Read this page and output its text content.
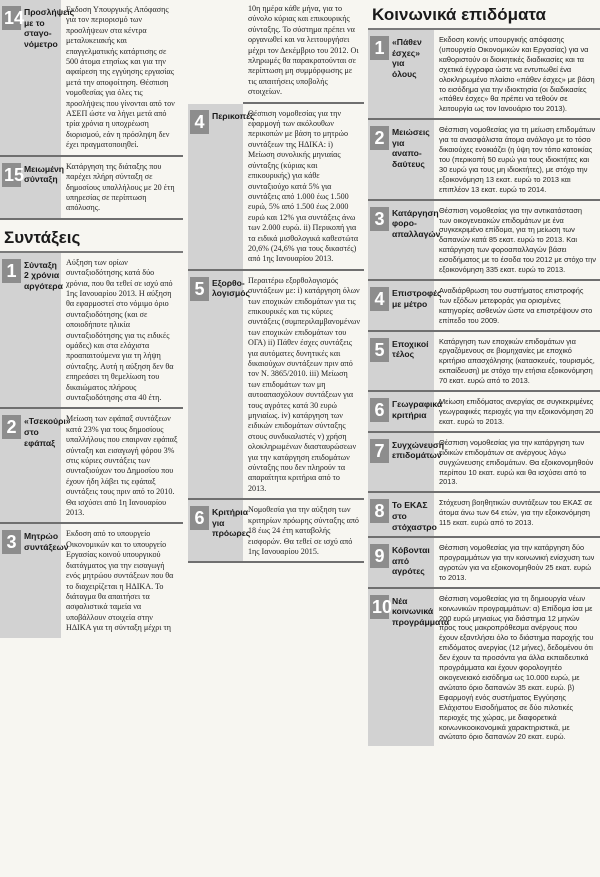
14 Προσλήψεις με το σταγο-νόμετρο
Εκδοση Υπουργικής Απόφασης για τον περιορισμό των προσλήψεων στα κέντρα μεταλυκειακής και επαγγελματικής κατάρτισης σε 500 άτομα ετησίως και για την αφαίρεση της εγγύησης εργασίας μετά την αποφοίτηση. Θέσπιση νομοθεσίας για όλες τις προσλήψεις που γίνονται από τον ΑΣΕΠ ώστε να λήγει μετά από τρία χρόνια η υποχρέωση διορισμού, εάν η πρόσληψη δεν έχει πραγματοποιηθεί.
15 Μειωμένη σύνταξη
Κατάργηση της διάταξης που παρέχει πλήρη σύνταξη σε δημοσίους υπαλλήλους με 20 έτη υπηρεσίας σε περίπτωση απόλυσης.
Συντάξεις
1 Σύνταξη 2 χρόνια αργότερα
Αύξηση των ορίων συνταξιοδότησης κατά δύο χρόνια, που θα τεθεί σε ισχύ από 1ης Ιανουαρίου 2013. Η αύξηση θα εφαρμοστεί στο νόμιμο όριο συνταξιοδότησης (και σε οποιοδήποτε ηλικία συνταξιοδότησης για τις ειδικές ομάδες) και στα ελάχιστα προαπαιτούμενα για τη λήψη σύνταξης. Αυτή η αύξηση δεν θα επηρεάσει τη θεμελίωση του δικαιώματος πλήρους συνταξιοδότησης στα 40 έτη.
2 «Τσεκούρι» στο εφάπαξ
Μείωση των εφάπαξ συντάξεων κατά 23% για τους δημοσίους υπαλλήλους που επαιρναν εφάπαξ σύνταξη και εισαγωγή φόρου 3% στις κύριες συντάξεις των συνταξιούχων του Δημοσίου που έχουν ήδη λάβει τις εφάπαξ συντάξεις τους πριν από το 2010. Θα ισχύσει από 1η Ιανουαρίου 2013.
3 Μητρώο συντάξεων
Εκδοση από το υπουργείο Οικονομικών και το υπουργείο Εργασίας κοινού υπουργικού διατάγματος για την εισαγωγή ενός μητρώου συντάξεων που θα το διαχειρίζεται η ΗΔΙΚΑ. Το διάταγμα θα απαιτήσει τα ασφαλιστικά ταμεία να υποβάλλουν στοιχεία στην ΗΔΙΚΑ για τη σύνταξη μέχρι τη
10η ημέρα κάθε μήνα, για το σύνολο κύριας και επικουρικής σύνταξης. Το σύστημα πρέπει να οργανωθεί και να λειτουργήσει μέχρι τον Δεκέμβριο του 2012. Οι πληρωμές θα παρακρατούνται σε περίπτωση μη συμμόρφωσης με τις απαιτήσεις υποβολής στοιχείων.
4 Περικοπές
Θέσπιση νομοθεσίας για την εφαρμογή των ακόλουθων περικοπών με βάση το μητρώο συντάξεων της ΗΔΙΚΑ: i) Μείωση συνολικής μηνιαίας σύνταξης (κύριας και επικουρικής) για κάθε συνταξιούχο κατά 5% για συντάξεις από 1.000 έως 1.500 ευρώ, 5% από 1.500 έως 2.000 ευρώ και 12% για συντάξεις άνω των 2.000 ευρώ. ii) Περικοπή για τα ειδικά μισθολογικά καθεστώτα 20,6% (24,6% για τους δικαστές) από 1ης Ιανουαρίου 2013.
5 Εξορθο-λογισμός
Περαιτέρω εξορθολογισμός συντάξεων με: i) κατάργηση όλων των εποχικών επιδομάτων για τις επικουρικές και τις κύριες συντάξεις (συμπεριλαμβανομένων των εποχικών επιδομάτων του ΟΓΑ) ii) Πάθεν έσχες συντάξεις για αυτόματες δυνητικές και δικαιούχων συντάξεων πριν από τον Ν. 3865/2010. iii) Μείωση των επιδομάτων των μη αυτοαπασχόλουν συντάξεων για τους αγρότες κατά 30 ευρώ μηνιαίως. iv) κατάργηση των ειδικών επιδομάτων σύνταξης στους συνδικαλιστές v) χρήση ολοκληρωμένων διασταυρώσεων για την κατάργηση επιδομάτων σύνταξης που δεν πληρούν τα απαραίτητα κριτήρια από το 2013.
6 Κριτήρια για πρόωρες
Νομοθεσία για την αύξηση των κριτηρίων πρόωρης σύνταξης από 18 έως 24 έτη καταβολής εισφορών. Θα τεθεί σε ισχύ από 1ης Ιανουαρίου 2015.
Κοινωνικά επιδόματα
1 «Πάθεν έσχες» για όλους
Εκδοση κοινής υπουργικής απόφασης (υπουργείο Οικονομικών και Εργασίας) για να καθοριστούν οι διοικητικές διαδικασίες και τα σχετικά έγγραφα ώστε να εντυπωθεί ένα ολοκληρωμένο πλαίσιο «πάθεν έσχες» με βάση το εισόδημα για την ιδιοκτησία (οι διαδικασίες «πάθεν έσχες» θα πρέπει να τεθούν σε λειτουργία ως τον Ιανουάριο του 2013).
2 Μειώσεις για αναπο-δαύτευς
Θέσπιση νομοθεσίας για τη μείωση επιδομάτων για τα ανασφάλιστα άτομα ανάλογο με το τόσο δικαιούχες ενοικιάζει (η ύψη τον τόπο κατοικίας του (περικοπή 50 ευρώ για τους ιδιοκτήτες και 30 ευρώ για τους μη ιδιοκτήτες), με στόχο την εξοικονόμηση 13 εκατ. ευρώ το 2013 και επιπλέον 13 εκατ. ευρώ το 2014.
3 Κατάργηση φορο-απαλλαγών
Θέσπιση νομοθεσίας για την αντικατάσταση των οικογενειακών επιδομάτων με ένα συγκεκριμένο επίδομα, για τη μείωση των δαπανών κατά 85 εκατ. ευρώ το 2013. Και κατάργηση των φοροαπαλλαγών βάσει εισοδήματος με το έσοδα του 2012 με στόχο την εξοικονόμηση 335 εκατ. ευρώ το 2013.
4 Επιστροφές με μέτρο
Αναδιάρθρωση του συστήματος επιστροφής των εξόδων μετεφοράς για ορισμένες κατηγορίες ασθενών ώστε να επιστρέψουν στο επίπεδο του 2009.
5 Εποχικοί τέλος
Κατάργηση των εποχικών επιδομάτων για εργαζόμενους σε βιομηχανίες με εποχικό κριτήριο απασχόλησης (κατασκευές, τουρισμός, εκπαίδευση) με στόχο την ετήσια εξοικονόμηση 70 εκατ. ευρώ από το 2013.
6 Γεωγραφικά κριτήρια
Μείωση επιδόματος ανεργίας σε συγκεκριμένες γεωγραφικές περιοχές για την εξοικονόμηση 20 εκατ. ευρώ το 2013.
7 Συγχώνευση επιδομάτων
Θέσπιση νομοθεσίας για την κατάργηση των ειδικών επιδομάτων σε ανέργους λόγω συγχώνευσης επιδομάτων. Θα εξοικονομηθούν περίπου 10 εκατ. ευρώ και θα ισχύσει από το 2013.
8 Το ΕΚΑΣ στο στόχαστρο
Στόχευση βοηθητικών συντάξεων του ΕΚΑΣ σε άτομα άνω των 64 ετών, για την εξοικονόμηση 115 εκατ. ευρώ από το 2013.
9 Κόβονται από αγρότες
Θέσπιση νομοθεσίας για την κατάργηση δύο προγραμμάτων για την κοινωνική ενίσχυση των αγροτών για να εξοικονομηθούν 25 εκατ. ευρώ το 2013.
10 Νέα κοινωνικά προγράμματα
Θέσπιση νομοθεσίας για τη δημιουργία νέων κοινωνικών προγραμμάτων: α) Επίδομα ίσα με 200 ευρώ μηνιαίως για διάστημα 12 μηνών προς τους μακροπρόθεσμα ανέργους που έχουν εξαντλήσει όλο το διάστημα παροχής του επιδόματος ανεργίας (12 μήνες), δεδομένου ότι δεν έχουν τα προσόντα για άλλα εκπαιδευτικά προγράμματα και έχουν φορολογητέο οικογενειακό εισόδημα ως 10.000 ευρώ, με ανώτατο όριο δαπανών 35 εκατ. ευρώ. β) Εφαρμογή ενός συστήματος Εγγύησης Ελάχιστου Εισοδήματος σε δύο πιλοτικές περιοχές της χώρας, με διαφορετικά κοινωνικοοικονομικά χαρακτηριστικά, με ανώτατο όριο δαπανών 20 εκατ. ευρώ.
